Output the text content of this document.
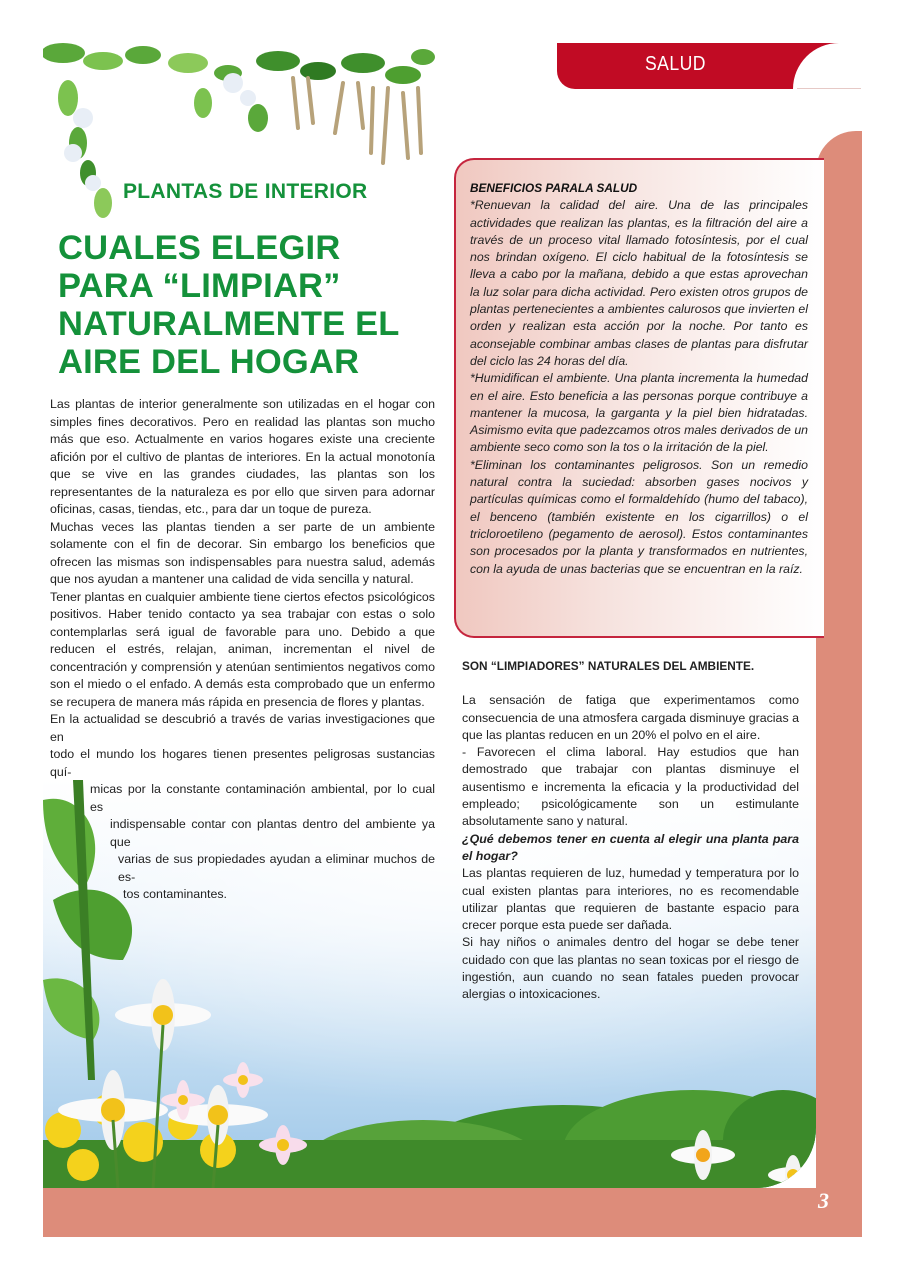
SALUD
PLANTAS DE INTERIOR
CUALES ELEGIR
PARA “LIMPIAR”
NATURALMENTE EL
AIRE DEL HOGAR

Las plantas de interior generalmente son utilizadas en el hogar con simples fines decorativos. Pero en realidad las plantas son mucho más que eso. Actualmente en varios hogares existe una creciente afición por el cultivo de plantas de interiores. En la actual monotonía que se vive en las grandes ciudades, las plantas son los representantes de la naturaleza es por ello que sirven para adornar oficinas, casas, tiendas, etc., para dar un toque de pureza.

Muchas veces las plantas tienden a ser parte de un ambiente solamente con el fin de decorar. Sin embargo los beneficios que ofrecen las mismas son indispensables para nuestra salud, además que nos ayudan a mantener una calidad de vida sencilla y natural.

Tener plantas en cualquier ambiente tiene ciertos efectos psicológicos positivos. Haber tenido contacto ya sea trabajar con estas o solo contemplarlas será igual de favorable para uno. Debido a que reducen el estrés, relajan, animan, incrementan el nivel de concentración y comprensión y atenúan sentimientos negativos como son el miedo o el enfado. A demás esta comprobado que un enfermo se recupera de manera más rápida en presencia de flores y plantas.

En la actualidad se descubrió a través de varias investigaciones que en
todo el mundo los hogares tienen presentes peligrosas sustancias quí-
micas por la constante contaminación ambiental, por lo cual es
indispensable contar con plantas dentro del ambiente ya que
varias de sus propiedades ayudan a eliminar muchos de es-
tos contaminantes.

BENEFICIOS PARALA SALUD

*Renuevan la calidad del aire. Una de las principales actividades que realizan las plantas, es la filtración del aire a través de un proceso vital llamado fotosíntesis, por el cual nos brindan oxígeno. El ciclo habitual de la fotosíntesis se lleva a cabo por la mañana, debido a que estas aprovechan la luz solar para dicha actividad. Pero existen otros grupos de plantas pertenecientes a ambientes calurosos que invierten el orden y realizan esta acción por la noche. Por tanto es aconsejable combinar ambas clases de plantas para disfrutar del ciclo las 24 horas del día.

*Humidifican el ambiente. Una planta incrementa la humedad en el aire. Esto beneficia a las personas porque contribuye a mantener la mucosa, la garganta y la piel bien hidratadas. Asimismo evita que padezcamos otros males derivados de un ambiente seco como son la tos o la irritación de la piel.

*Eliminan los contaminantes peligrosos. Son un remedio natural contra la suciedad: absorben gases nocivos y partículas químicas como el formaldehído (humo del tabaco), el benceno (también existente en los cigarrillos) o el tricloroetileno (pegamento de aerosol). Estos contaminantes son procesados por la planta y transformados en nutrientes, con la ayuda de unas bacterias que se encuentran en la raíz.

SON “LIMPIADORES” NATURALES DEL AMBIENTE.

La sensación de fatiga que experimentamos como consecuencia de una atmosfera cargada disminuye gracias a que las plantas reducen en un 20% el polvo en el aire.

- Favorecen el clima laboral. Hay estudios que han demostrado que trabajar con plantas disminuye el ausentismo e incrementa la eficacia y la productividad del empleado; psicológicamente son un estimulante absolutamente sano y natural.

¿Qué debemos tener en cuenta al elegir una planta para el hogar?

Las plantas requieren de luz, humedad y temperatura por lo cual existen plantas para interiores, no es recomendable utilizar plantas que requieren de bastante espacio para crecer porque esta puede ser dañada.

Si hay niños o animales dentro del hogar se debe tener cuidado con que las plantas no sean toxicas por el riesgo de ingestión, aun cuando no sean fatales pueden provocar alergias o intoxicaciones.

3
